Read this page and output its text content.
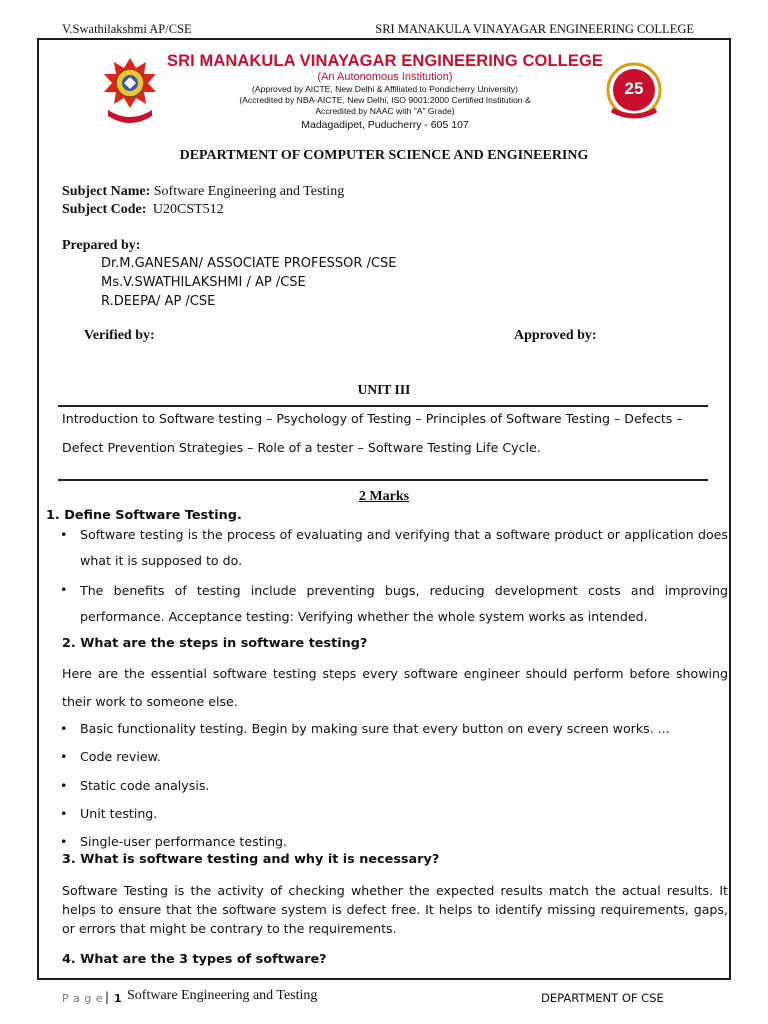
V.Swathilakshmi AP/CSE	SRI MANAKULA VINAYAGAR ENGINEERING COLLEGE
25
SRI MANAKULA VINAYAGAR ENGINEERING COLLEGE
(An Autonomous Institution)
(Approved by AICTE, New Delhi & Affiliated to Pondicherry University)
(Accredited by NBA-AICTE, New Delhi, ISO 9001:2000 Certified Institution &
Accredited by NAAC with "A" Grade)
Madagadipet, Puducherry - 605 107
DEPARTMENT OF COMPUTER SCIENCE AND ENGINEERING
Subject Name: Software Engineering and Testing
Subject Code: U20CST512
Prepared by:
Dr.M.GANESAN/ ASSOCIATE PROFESSOR /CSE
Ms.V.SWATHILAKSHMI / AP /CSE
R.DEEPA/ AP /CSE
Verified by:	Approved by:
UNIT III
Introduction to Software testing – Psychology of Testing – Principles of Software Testing – Defects –
Defect Prevention Strategies – Role of a tester – Software Testing Life Cycle.
2 Marks
1. Define Software Testing.
• Software testing is the process of evaluating and verifying that a software product or application does what it is supposed to do.
• The benefits of testing include preventing bugs, reducing development costs and improving performance. Acceptance testing: Verifying whether the whole system works as intended.
2. What are the steps in software testing?
Here are the essential software testing steps every software engineer should perform before showing their work to someone else.
• Basic functionality testing. Begin by making sure that every button on every screen works. ...
• Code review.
• Static code analysis.
• Unit testing.
• Single-user performance testing.
3. What is software testing and why it is necessary?
Software Testing is the activity of checking whether the expected results match the actual results. It helps to ensure that the software system is defect free. It helps to identify missing requirements, gaps, or errors that might be contrary to the requirements.
4. What are the 3 types of software?
P a g e | 1 Software Engineering and Testing	DEPARTMENT OF CSE
